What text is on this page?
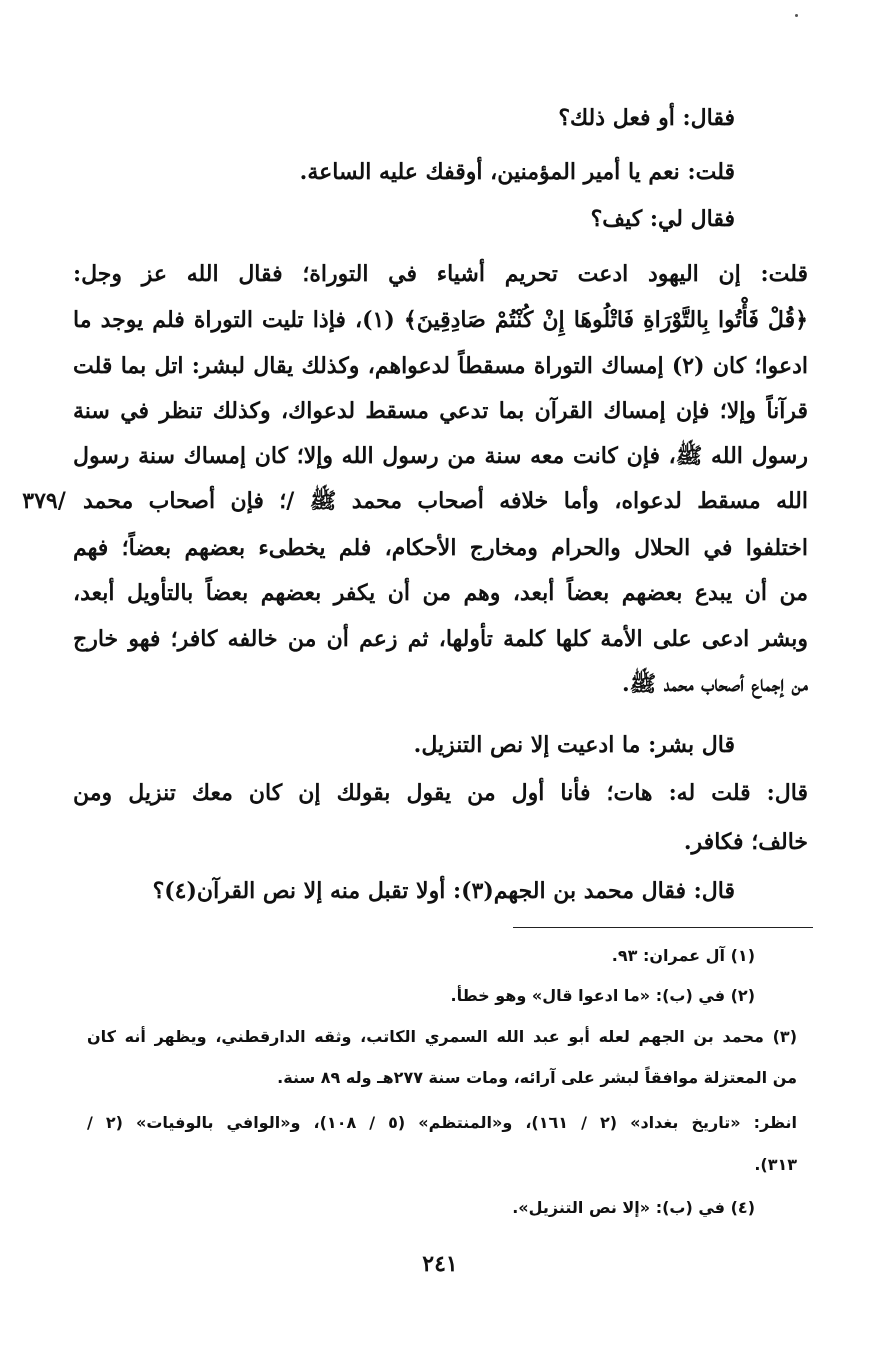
فقال: أو فعل ذلك؟
قلت: نعم يا أمير المؤمنين، أوقفك عليه الساعة.
فقال لي: كيف؟
قلت: إن اليهود ادعت تحريم أشياء في التوراة؛ فقال الله عز وجل:
﴿قُلْ فَأْتُوا بِالتَّوْرَاةِ فَاتْلُوهَا إِنْ كُنْتُمْ صَادِقِينَ﴾ (١)، فإذا تليت التوراة فلم يوجد ما
ادعوا؛ كان (٢) إمساك التوراة مسقطاً لدعواهم، وكذلك يقال لبشر: اتل بما قلت
قرآناً وإلا؛ فإن إمساك القرآن بما تدعي مسقط لدعواك، وكذلك تنظر في سنة
رسول الله ﷺ، فإن كانت معه سنة من رسول الله وإلا؛ كان إمساك سنة رسول
الله مسقط لدعواه، وأما خلافه أصحاب محمد ﷺ /؛ فإن أصحاب محمد
اختلفوا في الحلال والحرام ومخارج الأحكام، فلم يخطىء بعضهم بعضاً؛ فهم
من أن يبدع بعضهم بعضاً أبعد، وهم من أن يكفر بعضهم بعضاً بالتأويل أبعد،
وبشر ادعى على الأمة كلها كلمة تأولها، ثم زعم أن من خالفه كافر؛ فهو خارج
من إجماع أصحاب محمد ﷺ.
قال بشر: ما ادعيت إلا نص التنزيل.
قال: قلت له: هات؛ فأنا أول من يقول بقولك إن كان معك تنزيل ومن
خالف؛ فكافر.
قال: فقال محمد بن الجهم(٣): أولا تقبل منه إلا نص القرآن(٤)؟
/٣٧٩
(١) آل عمران: ٩٣.
(٢) في (ب): «ما ادعوا قال» وهو خطأ.
(٣) محمد بن الجهم لعله أبو عبد الله السمري الكاتب، وثقه الدارقطني، ويظهر أنه كان
من المعتزلة موافقاً لبشر على آرائه، ومات سنة ٢٧٧هـ وله ٨٩ سنة.
انظر: «تاريخ بغداد» (٢ / ١٦١)، و«المنتظم» (٥ / ١٠٨)، و«الوافي بالوفيات» (٢ /
٣١٣).
(٤) في (ب): «إلا نص التنزيل».
٢٤١
